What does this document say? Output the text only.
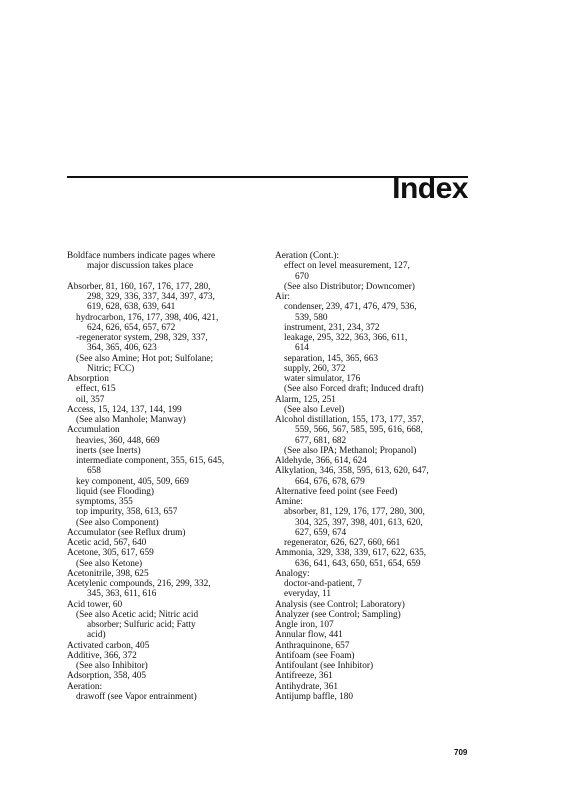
Index
Boldface numbers indicate pages where
major discussion takes place
Absorber, 81, 160, 167, 176, 177, 280,
298, 329, 336, 337, 344, 397, 473,
619, 628, 638, 639, 641
hydrocarbon, 176, 177, 398, 406, 421,
624, 626, 654, 657, 672
-regenerator system, 298, 329, 337,
364, 365, 406, 623
(See also Amine; Hot pot; Sulfolane;
Nitric; FCC)
Absorption
effect, 615
oil, 357
Access, 15, 124, 137, 144, 199
(See also Manhole; Manway)
Accumulation
heavies, 360, 448, 669
inerts (see Inerts)
intermediate component, 355, 615, 645,
658
key component, 405, 509, 669
liquid (see Flooding)
symptoms, 355
top impurity, 358, 613, 657
(See also Component)
Accumulator (see Reflux drum)
Acetic acid, 567, 640
Acetone, 305, 617, 659
(See also Ketone)
Acetonitrile, 398, 625
Acetylenic compounds, 216, 299, 332,
345, 363, 611, 616
Acid tower, 60
(See also Acetic acid; Nitric acid
absorber; Sulfuric acid; Fatty
acid)
Activated carbon, 405
Additive, 366, 372
(See also Inhibitor)
Adsorption, 358, 405
Aeration:
drawoff (see Vapor entrainment)
Aeration (Cont.):
effect on level measurement, 127,
670
(See also Distributor; Downcomer)
Air:
condenser, 239, 471, 476, 479, 536,
539, 580
instrument, 231, 234, 372
leakage, 295, 322, 363, 366, 611,
614
separation, 145, 365, 663
supply, 260, 372
water simulator, 176
(See also Forced draft; Induced draft)
Alarm, 125, 251
(See also Level)
Alcohol distillation, 155, 173, 177, 357,
559, 566, 567, 585, 595, 616, 668,
677, 681, 682
(See also IPA; Methanol; Propanol)
Aldehyde, 366, 614, 624
Alkylation, 346, 358, 595, 613, 620, 647,
664, 676, 678, 679
Alternative feed point (see Feed)
Amine:
absorber, 81, 129, 176, 177, 280, 300,
304, 325, 397, 398, 401, 613, 620,
627, 659, 674
regenerator, 626, 627, 660, 661
Ammonia, 329, 338, 339, 617, 622, 635,
636, 641, 643, 650, 651, 654, 659
Analogy:
doctor-and-patient, 7
everyday, 11
Analysis (see Control; Laboratory)
Analyzer (see Control; Sampling)
Angle iron, 107
Annular flow, 441
Anthraquinone, 657
Antifoam (see Foam)
Antifoulant (see Inhibitor)
Antifreeze, 361
Antihydrate, 361
Antijump baffle, 180
709
